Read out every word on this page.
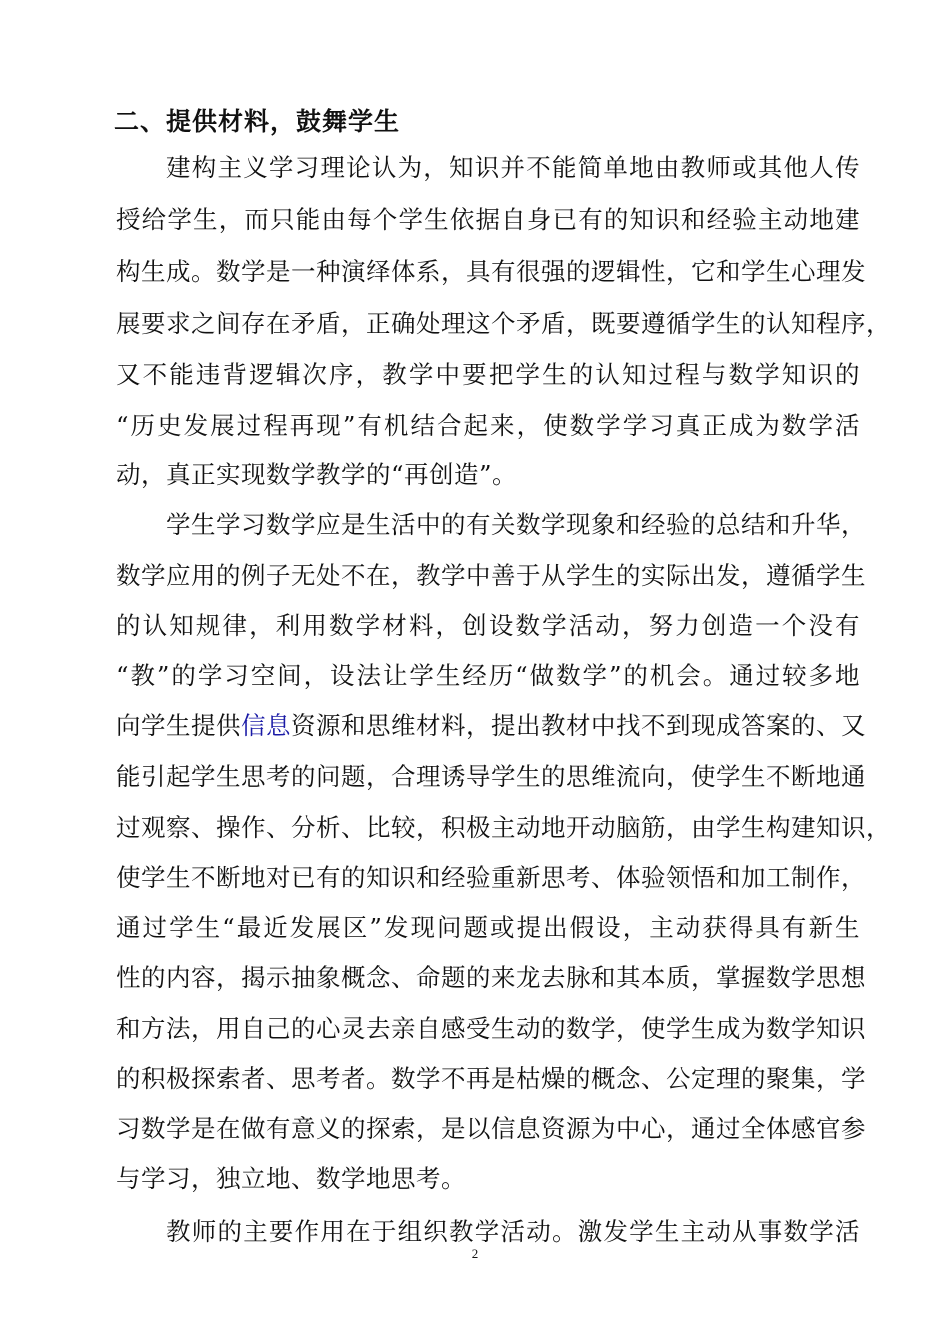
二、提供材料，鼓舞学生
建构主义学习理论认为，知识并不能简单地由教师或其他人传
授给学生，而只能由每个学生依据自身已有的知识和经验主动地建
构生成。数学是一种演绎体系，具有很强的逻辑性，它和学生心理发
展要求之间存在矛盾，正确处理这个矛盾，既要遵循学生的认知程序，
又不能违背逻辑次序，教学中要把学生的认知过程与数学知识的
“历史发展过程再现”有机结合起来，使数学学习真正成为数学活
动，真正实现数学教学的“再创造”。
学生学习数学应是生活中的有关数学现象和经验的总结和升华，
数学应用的例子无处不在，教学中善于从学生的实际出发，遵循学生
的认知规律，利用数学材料，创设数学活动，努力创造一个没有
“教”的学习空间，设法让学生经历“做数学”的机会。通过较多地
向学生提供信息资源和思维材料，提出教材中找不到现成答案的、又
能引起学生思考的问题，合理诱导学生的思维流向，使学生不断地通
过观察、操作、分析、比较，积极主动地开动脑筋，由学生构建知识，
使学生不断地对已有的知识和经验重新思考、体验领悟和加工制作，
通过学生“最近发展区”发现问题或提出假设，主动获得具有新生
性的内容，揭示抽象概念、命题的来龙去脉和其本质，掌握数学思想
和方法，用自己的心灵去亲自感受生动的数学，使学生成为数学知识
的积极探索者、思考者。数学不再是枯燥的概念、公定理的聚集，学
习数学是在做有意义的探索，是以信息资源为中心，通过全体感官参
与学习，独立地、数学地思考。
教师的主要作用在于组织教学活动。激发学生主动从事数学活
2
